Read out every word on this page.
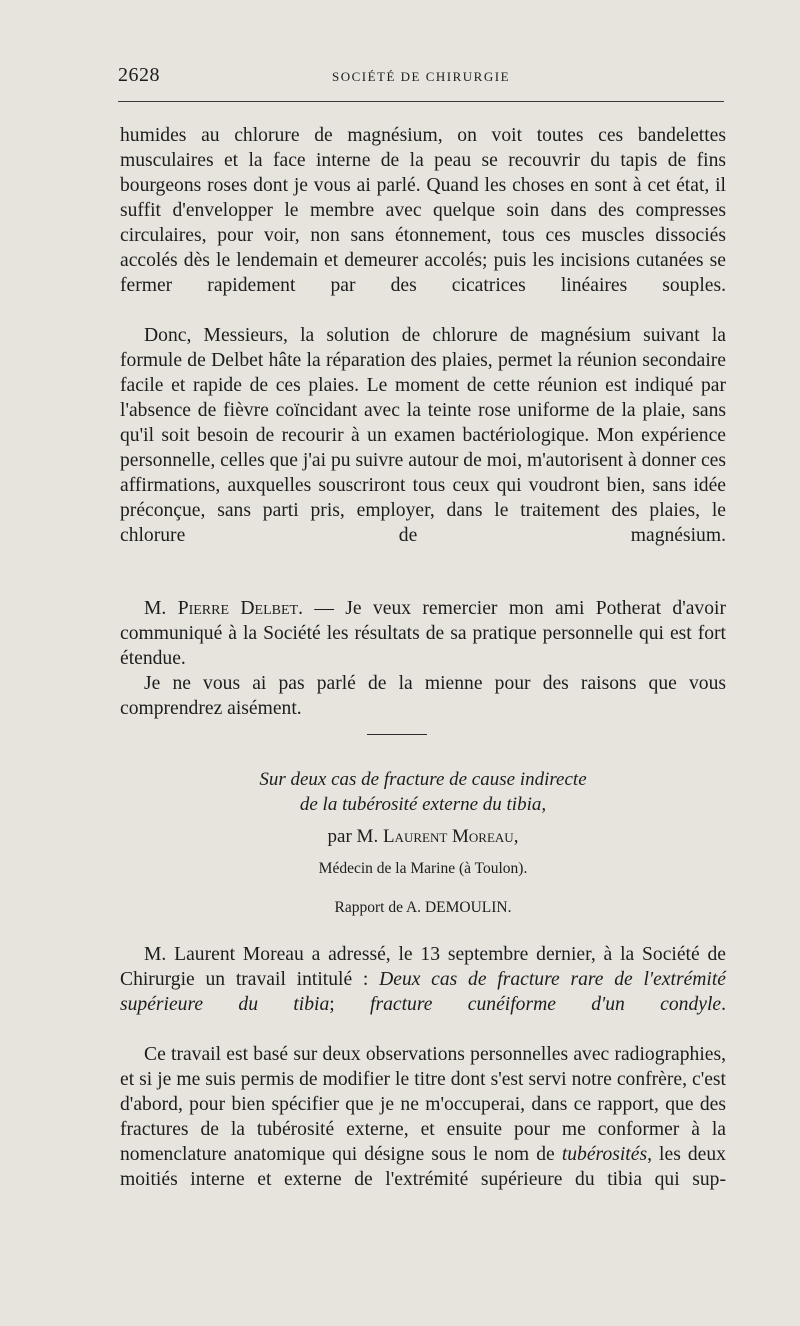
2628	SOCIÉTÉ DE CHIRURGIE

humides au chlorure de magnésium, on voit toutes ces bandelettes musculaires et la face interne de la peau se recouvrir du tapis de fins bourgeons roses dont je vous ai parlé. Quand les choses en sont à cet état, il suffit d'envelopper le membre avec quelque soin dans des compresses circulaires, pour voir, non sans étonnement, tous ces muscles dissociés accolés dès le lendemain et demeurer accolés; puis les incisions cutanées se fermer rapidement par des cicatrices linéaires souples.

Donc, Messieurs, la solution de chlorure de magnésium suivant la formule de Delbet hâte la réparation des plaies, permet la réunion secondaire facile et rapide de ces plaies. Le moment de cette réunion est indiqué par l'absence de fièvre coïncidant avec la teinte rose uniforme de la plaie, sans qu'il soit besoin de recourir à un examen bactériologique. Mon expérience personnelle, celles que j'ai pu suivre autour de moi, m'autorisent à donner ces affirmations, auxquelles souscriront tous ceux qui voudront bien, sans idée préconçue, sans parti pris, employer, dans le traitement des plaies, le chlorure de magnésium.

M. Pierre Delbet. — Je veux remercier mon ami Potherat d'avoir communiqué à la Société les résultats de sa pratique personnelle qui est fort étendue.

Je ne vous ai pas parlé de la mienne pour des raisons que vous comprendrez aisément.

Sur deux cas de fracture de cause indirecte
de la tubérosité externe du tibia,
par M. Laurent Moreau,
Médecin de la Marine (à Toulon).
Rapport de A. DEMOULIN.

M. Laurent Moreau a adressé, le 13 septembre dernier, à la Société de Chirurgie un travail intitulé : Deux cas de fracture rare de l'extrémité supérieure du tibia; fracture cunéiforme d'un condyle.

Ce travail est basé sur deux observations personnelles avec radiographies, et si je me suis permis de modifier le titre dont s'est servi notre confrère, c'est d'abord, pour bien spécifier que je ne m'occuperai, dans ce rapport, que des fractures de la tubérosité externe, et ensuite pour me conformer à la nomenclature anatomique qui désigne sous le nom de tubérosités, les deux moitiés interne et externe de l'extrémité supérieure du tibia qui sup-
